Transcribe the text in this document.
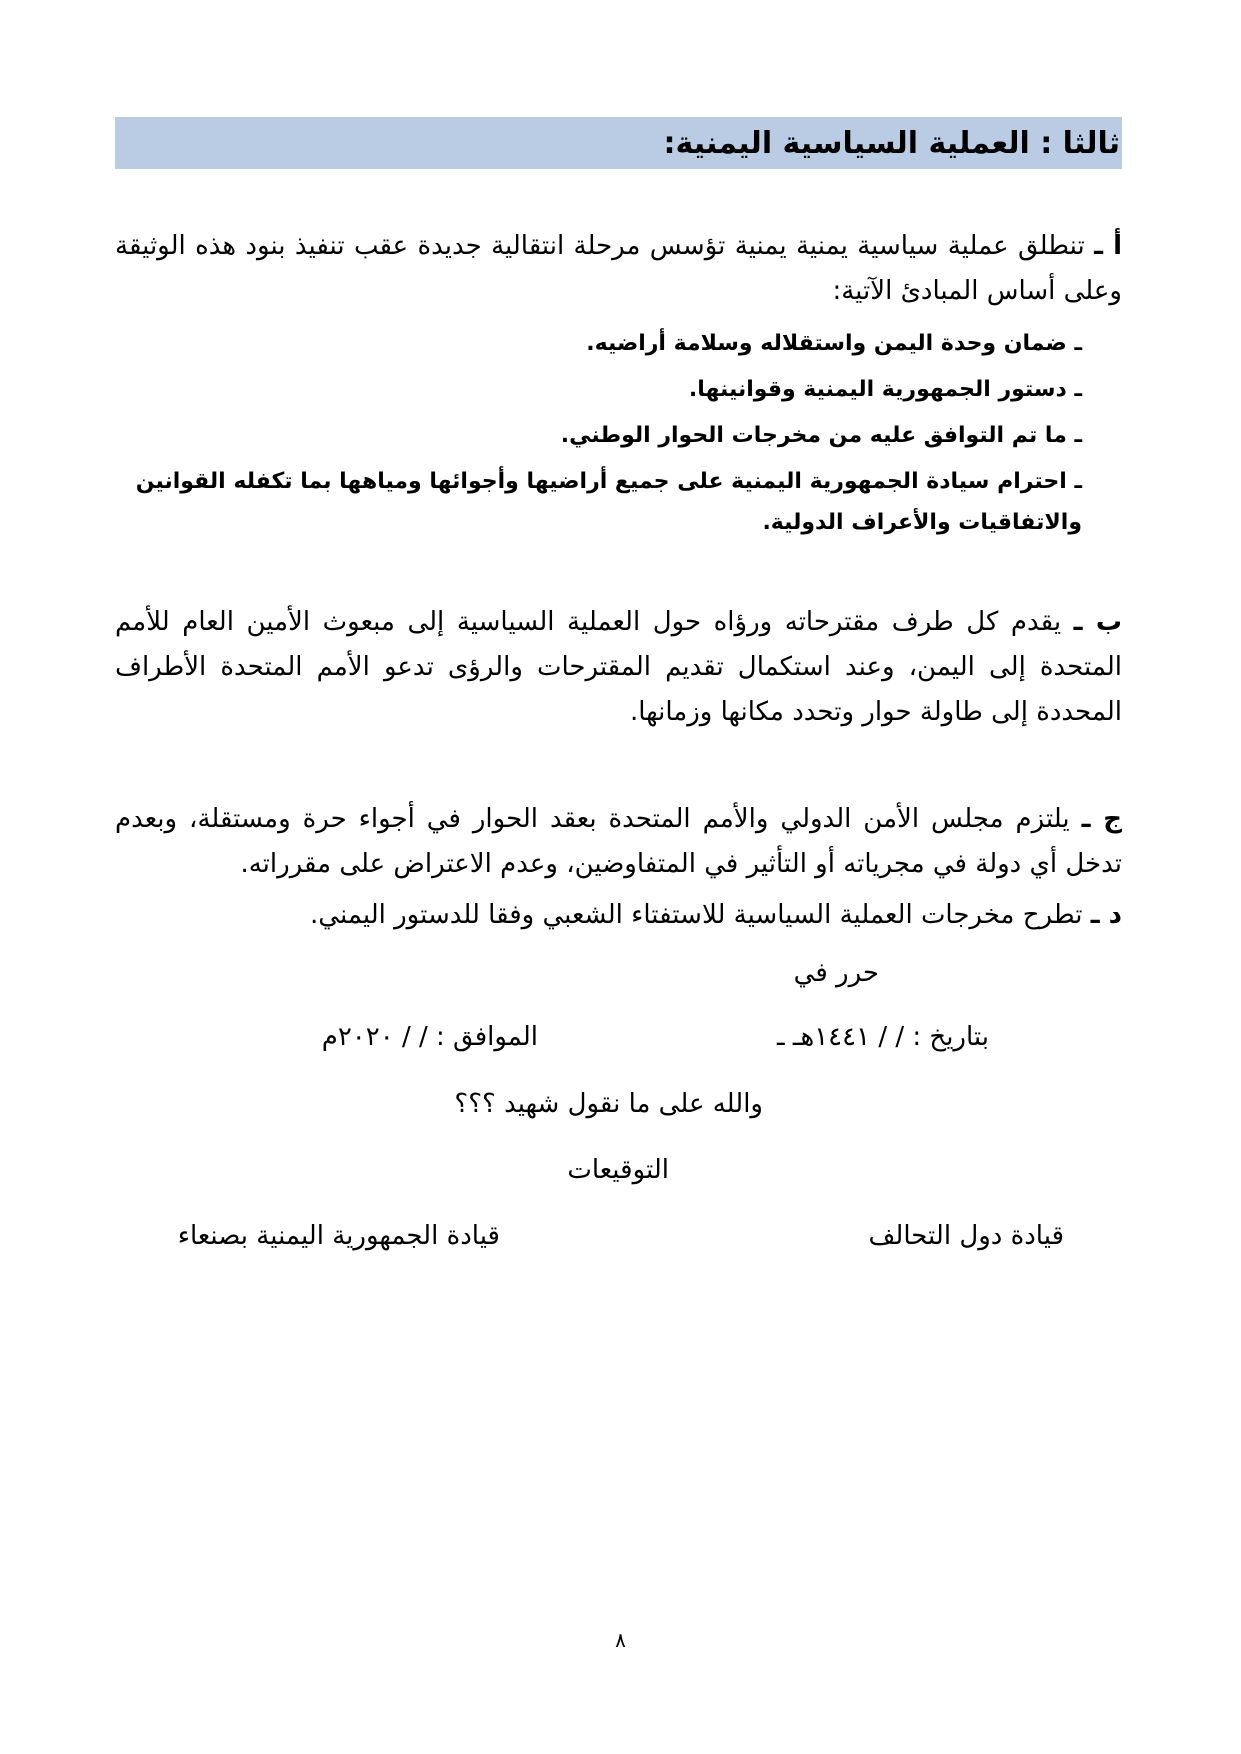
ثالثا : العملية السياسية اليمنية:

أ ـ تنطلق عملية سياسية يمنية يمنية تؤسس مرحلة انتقالية جديدة عقب تنفيذ بنود هذه الوثيقة وعلى أساس المبادئ الآتية:

ـ ضمان وحدة اليمن واستقلاله وسلامة أراضيه.
ـ دستور الجمهورية اليمنية وقوانينها.
ـ ما تم التوافق عليه من مخرجات الحوار الوطني.
ـ احترام سيادة الجمهورية اليمنية على جميع أراضيها وأجوائها ومياهها بما تكفله القوانين والاتفاقيات والأعراف الدولية.

ب ـ يقدم كل طرف مقترحاته ورؤاه حول العملية السياسية إلى مبعوث الأمين العام للأمم المتحدة إلى اليمن، وعند استكمال تقديم المقترحات والرؤى تدعو الأمم المتحدة الأطراف المحددة إلى طاولة حوار وتحدد مكانها وزمانها.

ج ـ يلتزم مجلس الأمن الدولي والأمم المتحدة بعقد الحوار في أجواء حرة ومستقلة، وبعدم تدخل أي دولة في مجرياته أو التأثير في المتفاوضين، وعدم الاعتراض على مقرراته.

د ـ تطرح مخرجات العملية السياسية للاستفتاء الشعبي وفقا للدستور اليمني.

حرر في

بتاريخ : / / ١٤٤١هـ ـ

الموافق : / / ٢٠٢٠م

والله على ما نقول شهيد ؟؟؟

التوقيعات

قيادة دول التحالف

قيادة الجمهورية اليمنية بصنعاء

٨
